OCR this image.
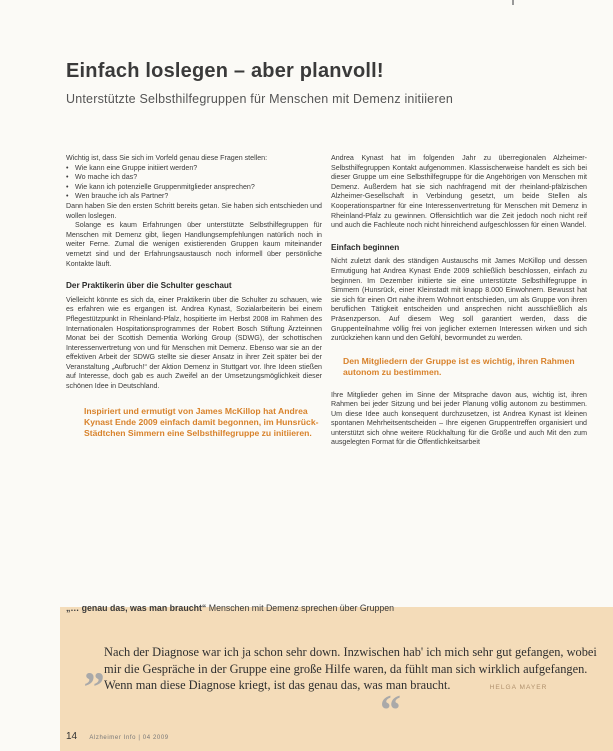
Einfach loslegen – aber planvoll!
Unterstützte Selbsthilfegruppen für Menschen mit Demenz initiieren

Wichtig ist, dass Sie sich im Vorfeld genau diese Fragen stellen:

• Wie kann eine Gruppe initiiert werden?
• Wo mache ich das?
• Wie kann ich potenzielle Gruppenmitglieder ansprechen?
• Wen brauche ich als Partner?

Dann haben Sie den ersten Schritt bereits getan. Sie haben sich entschieden und wollen loslegen.

Solange es kaum Erfahrungen über unterstützte Selbsthilfegruppen für Menschen mit Demenz gibt, liegen Handlungsempfehlungen natürlich noch in weiter Ferne. Zumal die wenigen existierenden Gruppen kaum miteinander vernetzt sind und der Erfahrungsaustausch noch informell über persönliche Kontakte läuft.

Der Praktikerin über die Schulter geschaut

Vielleicht könnte es sich da, einer Praktikerin über die Schulter zu schauen, wie es erfahren wie es ergangen ist. Andrea Kynast, Sozialarbeiterin bei einem Pflegestützpunkt in Rheinland-Pfalz, hospitierte im Herbst 2008 im Rahmen des Internationalen Hospitationsprogrammes der Robert Bosch Stiftung Ärzteinnen Monat bei der Scottish Dementia Working Group (SDWG), der schottischen Interessenvertretung von und für Menschen mit Demenz. Ebenso war sie an der effektiven Arbeit der SDWG stellte sie dieser Ansatz in ihrer Zeit später bei der Veranstaltung „Aufbruch!“ der Aktion Demenz in Stuttgart vor. Ihre Ideen stießen auf Interesse, doch gab es auch Zweifel an der Umsetzungsmöglichkeit dieser schönen Idee in Deutschland.

Inspiriert und ermutigt von James McKillop hat Andrea Kynast Ende 2009 einfach damit begonnen, im Hunsrück-Städtchen Simmern eine Selbsthilfegruppe zu initiieren.

Andrea Kynast hat im folgenden Jahr zu überregionalen Alzheimer-Selbsthilfegruppen Kontakt aufgenommen. Klassischerweise handelt es sich bei dieser Gruppe um eine Selbsthilfegruppe für die Angehörigen von Menschen mit Demenz. Außerdem hat sie sich nachfragend mit der rheinland-pfälzischen Alzheimer-Gesellschaft in Verbindung gesetzt, um beide Stellen als Kooperationspartner für eine Interessenvertretung für Menschen mit Demenz in Rheinland-Pfalz zu gewinnen. Offensichtlich war die Zeit jedoch noch nicht reif und auch die Fachleute noch nicht hinreichend aufgeschlossen für einen Wandel.

Einfach beginnen

Nicht zuletzt dank des ständigen Austauschs mit James McKillop und dessen Ermutigung hat Andrea Kynast Ende 2009 schließlich beschlossen, einfach zu beginnen. Im Dezember initiierte sie eine unterstützte Selbsthilfegruppe in Simmern (Hunsrück, einer Kleinstadt mit knapp 8.000 Einwohnern. Bewusst hat sie sich für einen Ort nahe ihrem Wohnort entschieden, um als Gruppe von ihren beruflichen Tätigkeit entscheiden und ansprechen nicht ausschließlich als Präsenzperson. Auf diesem Weg soll garantiert werden, dass die Gruppenteilnahme völlig frei von jeglicher externen Interessen wirken und sich zurückziehen kann und den Gefühl, bevormundet zu werden.

Den Mitgliedern der Gruppe ist es wichtig, ihren Rahmen autonom zu bestimmen.

Ihre Mitglieder gehen im Sinne der Mitsprache davon aus, wichtig ist, ihren Rahmen bei jeder Sitzung und bei jeder Planung völlig autonom zu bestimmen. Um diese Idee auch konsequent durchzusetzen, ist Andrea Kynast ist kleinen spontanen Mehrheitsentscheiden – Ihre eigenen Gruppentreffen organisiert und unterstützt sich ohne weitere Rückhaltung für die Größe und auch Mit den zum ausgelegten Format für die Öffentlichkeitsarbeit

„… genau das, was man braucht“ Menschen mit Demenz sprechen über Gruppen
„ Nach der Diagnose war ich ja schon sehr down. Inzwischen hab' ich mich sehr gut gefangen, wobei mir die Gespräche in der Gruppe eine große Hilfe waren, da fühlt man sich wirklich aufgefangen. Wenn man diese Diagnose kriegt, ist das genau das, was man braucht.	HELGA MAYER
“
14 Alzheimer Info | 04 2009
